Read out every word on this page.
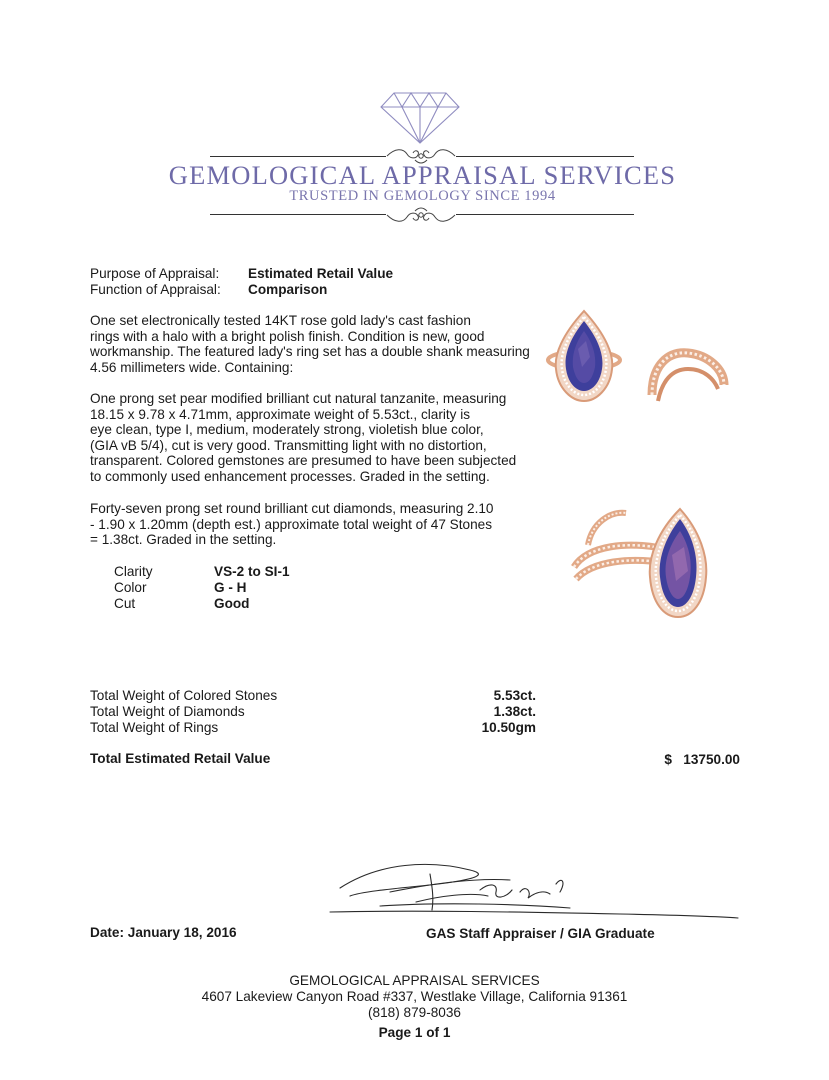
GEMOLOGICAL APPRAISAL SERVICES
TRUSTED IN GEMOLOGY SINCE 1994
Purpose of Appraisal: Estimated Retail Value
Function of Appraisal: Comparison

One set electronically tested 14KT rose gold lady's cast fashion

rings with a halo with a bright polish finish. Condition is new, good

workmanship. The featured lady's ring set has a double shank measuring

4.56 millimeters wide. Containing:

One prong set pear modified brilliant cut natural tanzanite, measuring

18.15 x 9.78 x 4.71mm, approximate weight of 5.53ct., clarity is

eye clean, type I, medium, moderately strong, violetish blue color,

(GIA vB 5/4), cut is very good. Transmitting light with no distortion,

transparent. Colored gemstones are presumed to have been subjected

to commonly used enhancement processes. Graded in the setting.

Forty-seven prong set round brilliant cut diamonds, measuring 2.10

- 1.90 x 1.20mm (depth est.) approximate total weight of 47 Stones

= 1.38ct. Graded in the setting.

Clarity	VS-2 to SI-1
Color	G - H
Cut	Good
Total Weight of Colored Stones	5.53ct.
Total Weight of Diamonds	1.38ct.
Total Weight of Rings	10.50gm
Total Estimated Retail Value	$ 13750.00
Date: January 18, 2016	GAS Staff Appraiser / GIA Graduate
GEMOLOGICAL APPRAISAL SERVICES
4607 Lakeview Canyon Road #337, Westlake Village, California 91361
(818) 879-8036
Page 1 of 1
